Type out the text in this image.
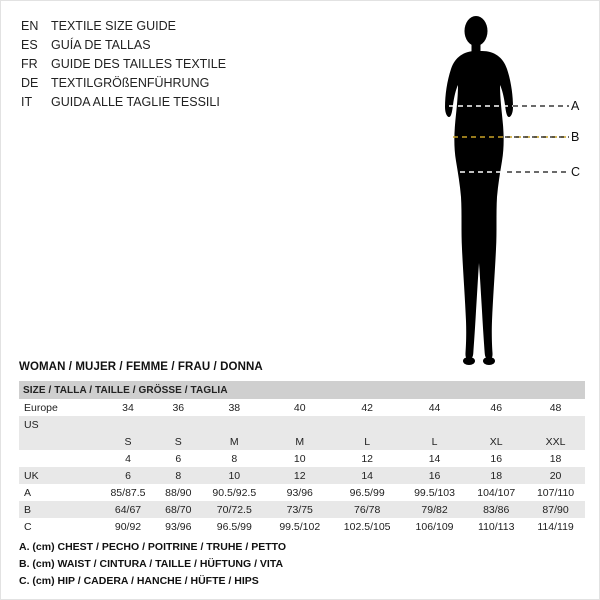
EN	TEXTILE SIZE GUIDE
ES	GUÍA DE TALLAS
FR	GUIDE DES TAILLES TEXTILE
DE	TEXTILGRÖßENFÜHRUNG
IT	GUIDA ALLE TAGLIE TESSILI	A
B
C
WOMAN / MUJER / FEMME / FRAU / DONNA
SIZE / TALLA / TAILLE / GRÖSSE / TAGLIA								
Europe	34	36	38	40	42	44	46	48
US								
	S	S	M	M	L	L	XL	XXL
	4	6	8	10	12	14	16	18
UK	6	8	10	12	14	16	18	20
A	85/87.5	88/90	90.5/92.5	93/96	96.5/99	99.5/103	104/107	107/110
B	64/67	68/70	70/72.5	73/75	76/78	79/82	83/86	87/90
C	90/92	93/96	96.5/99	99.5/102	102.5/105	106/109	110/113	114/119
A. (cm) CHEST / PECHO / POITRINE / TRUHE / PETTO
B. (cm) WAIST / CINTURA / TAILLE / HÜFTUNG / VITA
C. (cm) HIP / CADERA / HANCHE / HÜFTE / HIPS
